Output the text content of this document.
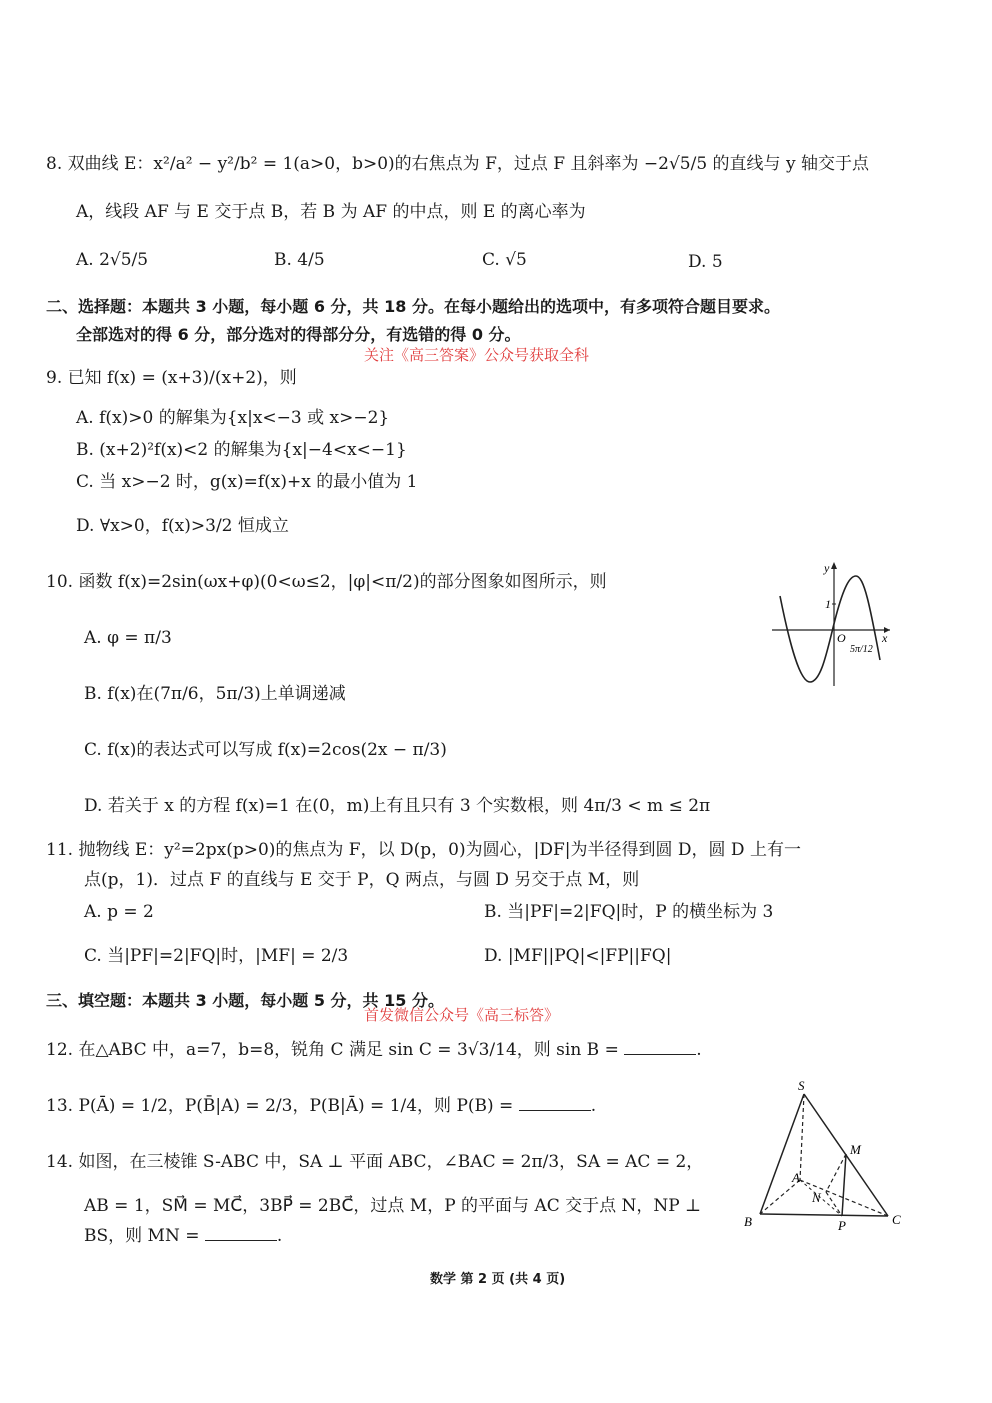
8. 双曲线 E：x²/a² − y²/b² = 1(a>0，b>0)的右焦点为 F，过点 F 且斜率为 −2√5/5 的直线与 y 轴交于点
A，线段 AF 与 E 交于点 B，若 B 为 AF 的中点，则 E 的离心率为
A. 2√5/5	B. 4/5	C. √5	D. 5
二、选择题：本题共 3 小题，每小题 6 分，共 18 分。在每小题给出的选项中，有多项符合题目要求。
全部选对的得 6 分，部分选对的得部分分，有选错的得 0 分。
关注《高三答案》公众号获取全科
9. 已知 f(x) = (x+3)/(x+2)，则
A. f(x)>0 的解集为{x|x<−3 或 x>−2}
B. (x+2)²f(x)<2 的解集为{x|−4<x<−1}
C. 当 x>−2 时，g(x)=f(x)+x 的最小值为 1
D. ∀x>0，f(x)>3/2 恒成立
10. 函数 f(x)=2sin(ωx+φ)(0<ω≤2，|φ|<π/2)的部分图象如图所示，则
A. φ = π/3
B. f(x)在(7π/6，5π/3)上单调递减
C. f(x)的表达式可以写成 f(x)=2cos(2x − π/3)
D. 若关于 x 的方程 f(x)=1 在(0，m)上有且只有 3 个实数根，则 4π/3 < m ≤ 2π
1
y
x
O
5π/12
11. 抛物线 E：y²=2px(p>0)的焦点为 F，以 D(p，0)为圆心，|DF|为半径得到圆 D，圆 D 上有一
点(p，1)．过点 F 的直线与 E 交于 P，Q 两点，与圆 D 另交于点 M，则
A. p = 2	B. 当|PF|=2|FQ|时，P 的横坐标为 3
C. 当|PF|=2|FQ|时，|MF| = 2/3	D. |MF||PQ|<|FP||FQ|
三、填空题：本题共 3 小题，每小题 5 分，共 15 分。
首发微信公众号《高三标答》
12. 在△ABC 中，a=7，b=8，锐角 C 满足 sin C = 3√3/14，则 sin B =	.
13. P(Ā) = 1/2，P(B̄|A) = 2/3，P(B|Ā) = 1/4，则 P(B) =	.
14. 如图，在三棱锥 S-ABC 中，SA ⊥ 平面 ABC，∠BAC = 2π/3，SA = AC = 2，
AB = 1，SM⃗ = MC⃗，3BP⃗ = 2BC⃗，过点 M，P 的平面与 AC 交于点 N，NP ⊥
BS，则 MN =	.
S
M
A
N
B	P	C
数学 第 2 页 (共 4 页)
